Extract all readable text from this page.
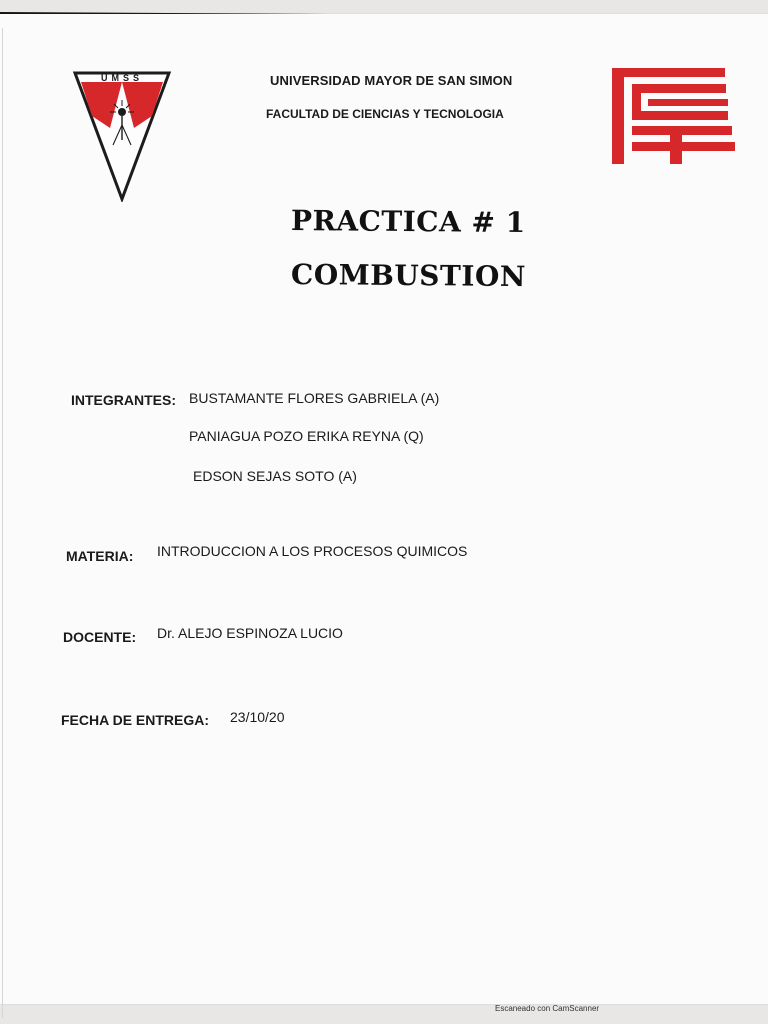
UMSS	UNIVERSIDAD MAYOR DE SAN SIMON
FACULTAD DE CIENCIAS Y TECNOLOGIA
PRACTICA # 1
COMBUSTION
INTEGRANTES: BUSTAMANTE FLORES GABRIELA (A)
PANIAGUA POZO ERIKA REYNA (Q)
EDSON SEJAS SOTO (A)
MATERIA: INTRODUCCION A LOS PROCESOS QUIMICOS
DOCENTE: Dr. ALEJO ESPINOZA LUCIO
FECHA DE ENTREGA: 23/10/20
Escaneado con CamScanner
